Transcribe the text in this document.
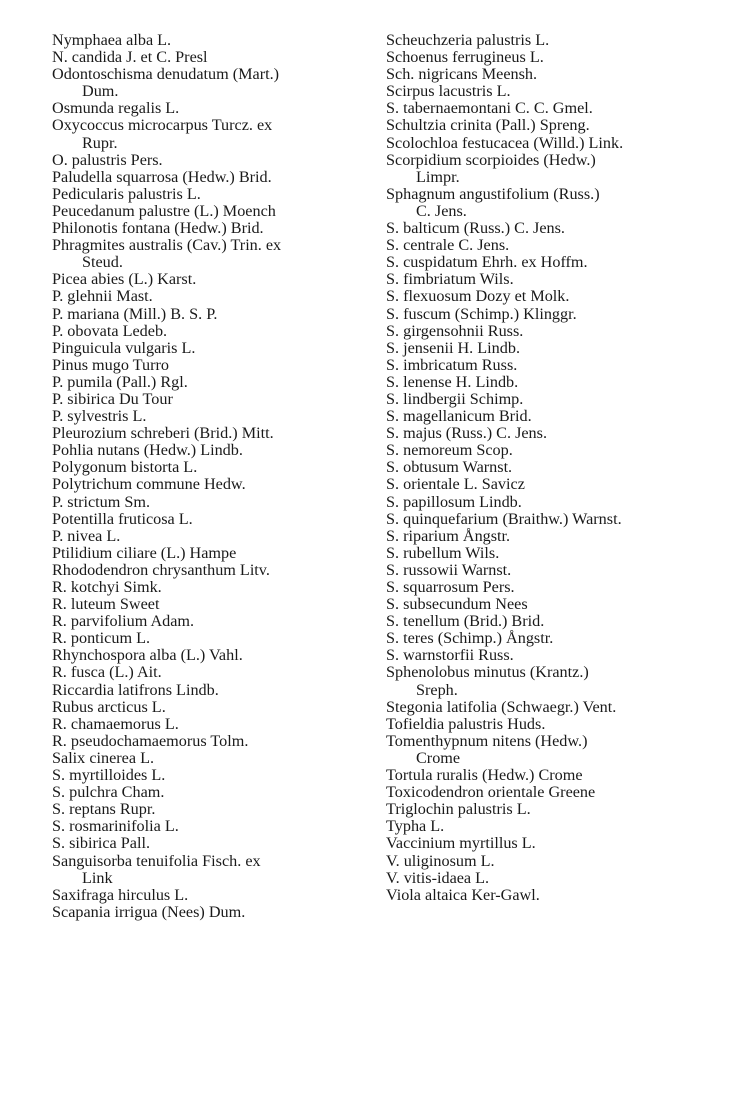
Nymphaea alba L.
N. candida J. et C. Presl
Odontoschisma denudatum (Mart.)
Dum.
Osmunda regalis L.
Oxycoccus microcarpus Turcz. ex
Rupr.
O. palustris Pers.
Paludella squarrosa (Hedw.) Brid.
Pedicularis palustris L.
Peucedanum palustre (L.) Moench
Philonotis fontana (Hedw.) Brid.
Phragmites australis (Cav.) Trin. ex
Steud.
Picea abies (L.) Karst.
P. glehnii Mast.
P. mariana (Mill.) B. S. P.
P. obovata Ledeb.
Pinguicula vulgaris L.
Pinus mugo Turro
P. pumila (Pall.) Rgl.
P. sibirica Du Tour
P. sylvestris L.
Pleurozium schreberi (Brid.) Mitt.
Pohlia nutans (Hedw.) Lindb.
Polygonum bistorta L.
Polytrichum commune Hedw.
P. strictum Sm.
Potentilla fruticosa L.
P. nivea L.
Ptilidium ciliare (L.) Hampe
Rhododendron chrysanthum Litv.
R. kotchyi Simk.
R. luteum Sweet
R. parvifolium Adam.
R. ponticum L.
Rhynchospora alba (L.) Vahl.
R. fusca (L.) Ait.
Riccardia latifrons Lindb.
Rubus arcticus L.
R. chamaemorus L.
R. pseudochamaemorus Tolm.
Salix cinerea L.
S. myrtilloides L.
S. pulchra Cham.
S. reptans Rupr.
S. rosmarinifolia L.
S. sibirica Pall.
Sanguisorba tenuifolia Fisch. ex
Link
Saxifraga hirculus L.
Scapania irrigua (Nees) Dum.
Scheuchzeria palustris L.
Schoenus ferrugineus L.
Sch. nigricans Meensh.
Scirpus lacustris L.
S. tabernaemontani C. C. Gmel.
Schultzia crinita (Pall.) Spreng.
Scolochloa festucacea (Willd.) Link.
Scorpidium scorpioides (Hedw.)
Limpr.
Sphagnum angustifolium (Russ.)
C. Jens.
S. balticum (Russ.) C. Jens.
S. centrale C. Jens.
S. cuspidatum Ehrh. ex Hoffm.
S. fimbriatum Wils.
S. flexuosum Dozy et Molk.
S. fuscum (Schimp.) Klinggr.
S. girgensohnii Russ.
S. jensenii H. Lindb.
S. imbricatum Russ.
S. lenense H. Lindb.
S. lindbergii Schimp.
S. magellanicum Brid.
S. majus (Russ.) C. Jens.
S. nemoreum Scop.
S. obtusum Warnst.
S. orientale L. Savicz
S. papillosum Lindb.
S. quinquefarium (Braithw.) Warnst.
S. riparium Ångstr.
S. rubellum Wils.
S. russowii Warnst.
S. squarrosum Pers.
S. subsecundum Nees
S. tenellum (Brid.) Brid.
S. teres (Schimp.) Ångstr.
S. warnstorfii Russ.
Sphenolobus minutus (Krantz.)
Sreph.
Stegonia latifolia (Schwaegr.) Vent.
Tofieldia palustris Huds.
Tomenthypnum nitens (Hedw.)
Crome
Tortula ruralis (Hedw.) Crome
Toxicodendron orientale Greene
Triglochin palustris L.
Typha L.
Vaccinium myrtillus L.
V. uliginosum L.
V. vitis-idaea L.
Viola altaica Ker-Gawl.
